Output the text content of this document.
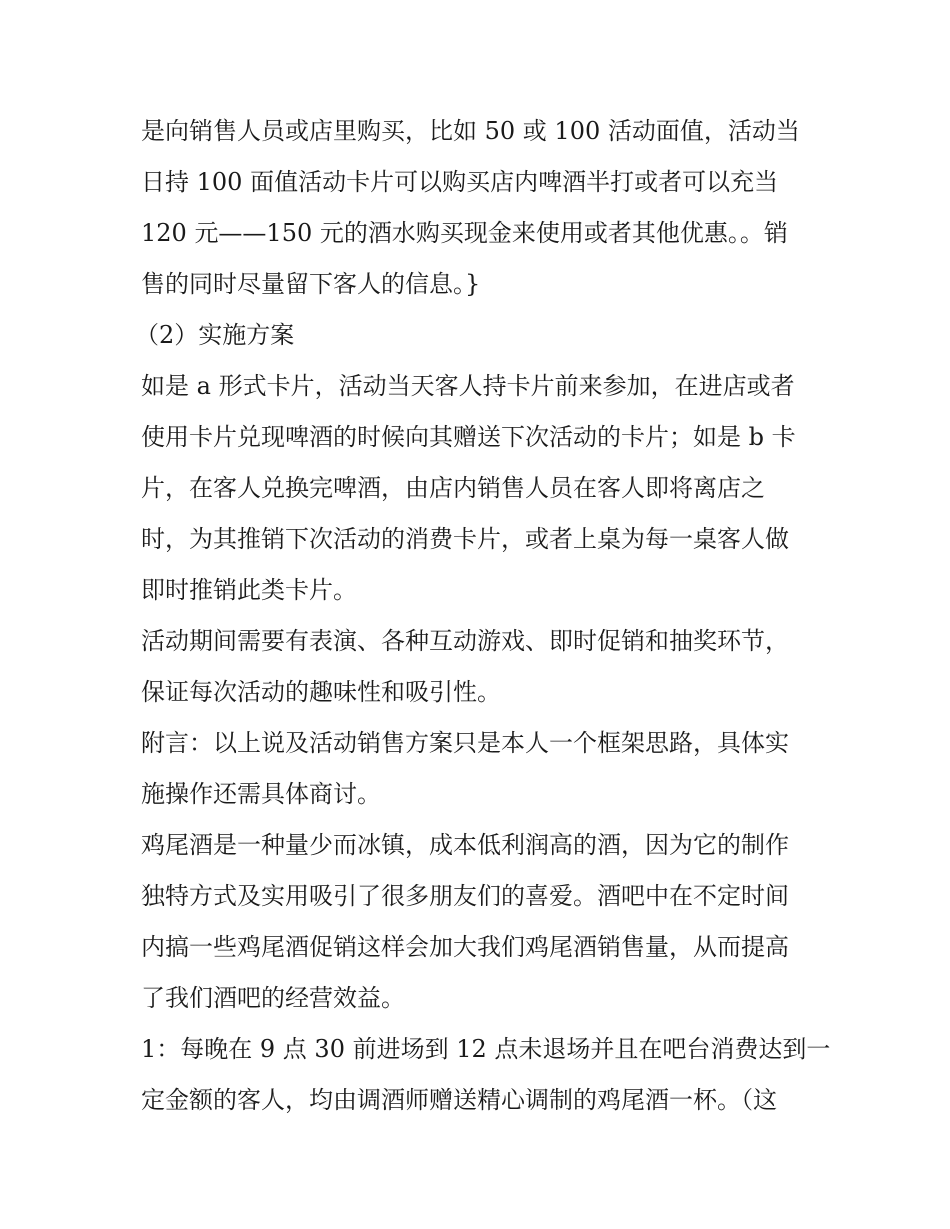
是向销售人员或店里购买，比如 50 或 100 活动面值，活动当
日持 100 面值活动卡片可以购买店内啤酒半打或者可以充当
120 元——150 元的酒水购买现金来使用或者其他优惠。。销
售的同时尽量留下客人的信息。}
（2）实施方案
如是 a 形式卡片，活动当天客人持卡片前来参加，在进店或者
使用卡片兑现啤酒的时候向其赠送下次活动的卡片；如是 b 卡
片，在客人兑换完啤酒，由店内销售人员在客人即将离店之
时，为其推销下次活动的消费卡片，或者上桌为每一桌客人做
即时推销此类卡片。
活动期间需要有表演、各种互动游戏、即时促销和抽奖环节，
保证每次活动的趣味性和吸引性。
附言：以上说及活动销售方案只是本人一个框架思路，具体实
施操作还需具体商讨。
鸡尾酒是一种量少而冰镇，成本低利润高的酒，因为它的制作
独特方式及实用吸引了很多朋友们的喜爱。酒吧中在不定时间
内搞一些鸡尾酒促销这样会加大我们鸡尾酒销售量，从而提高
了我们酒吧的经营效益。
1：每晚在 9 点 30 前进场到 12 点未退场并且在吧台消费达到一
定金额的客人，均由调酒师赠送精心调制的鸡尾酒一杯。（这
